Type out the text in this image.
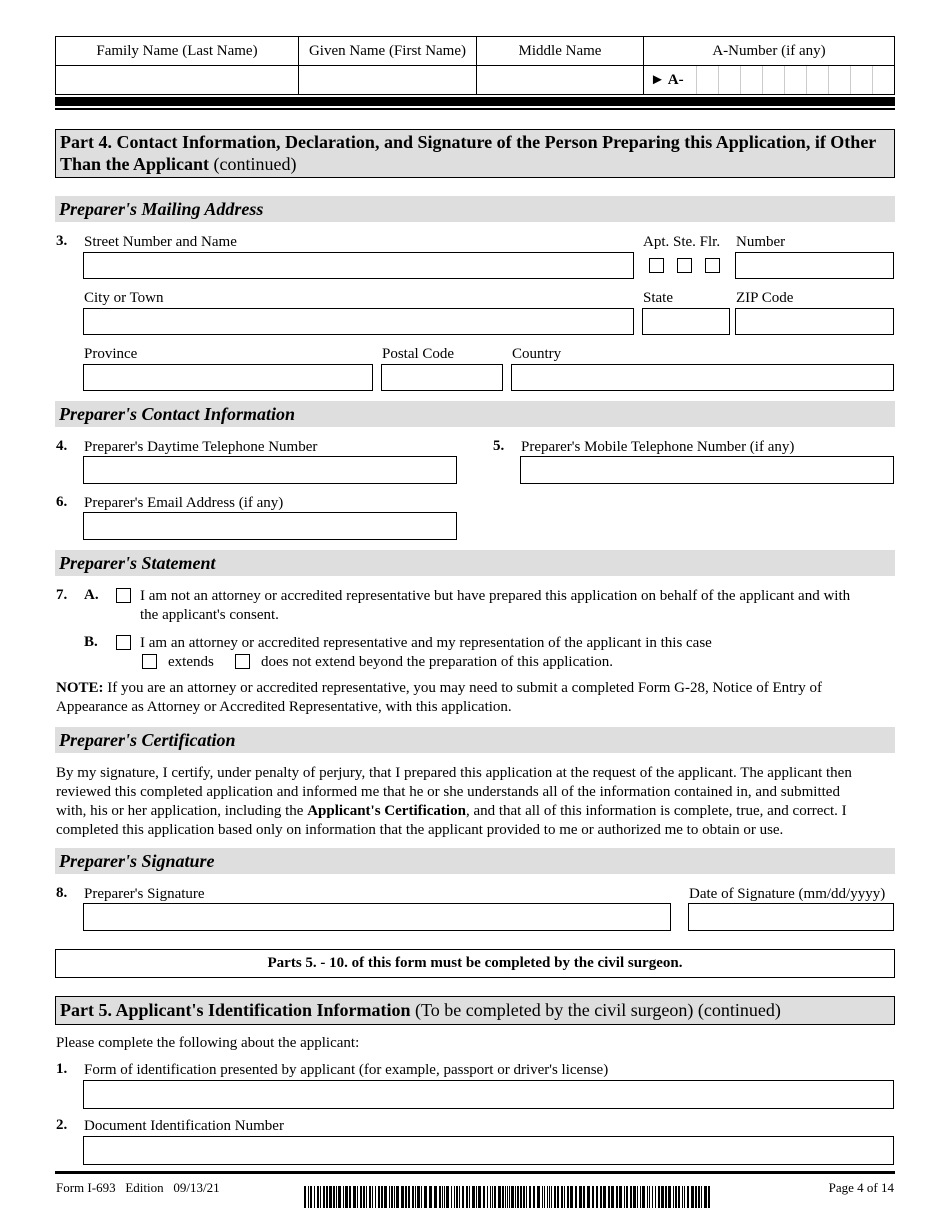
Family Name (Last Name)	Given Name (First Name)	Middle Name	A-Number (if any)

			► A-
Part 4. Contact Information, Declaration, and Signature of the Person Preparing this Application, if Other Than the Applicant (continued)
Preparer's Mailing Address
3. Street Number and Name	Apt. Ste. Flr. Number
City or Town	State	ZIP Code
Province	Postal Code	Country
Preparer's Contact Information
4. Preparer's Daytime Telephone Number	5. Preparer's Mobile Telephone Number (if any)
6. Preparer's Email Address (if any)
Preparer's Statement
7. A.	I am not an attorney or accredited representative but have prepared this application on behalf of the applicant and with
the applicant's consent.
B.	I am an attorney or accredited representative and my representation of the applicant in this case
extends	does not extend beyond the preparation of this application.
NOTE: If you are an attorney or accredited representative, you may need to submit a completed Form G-28, Notice of Entry of
Appearance as Attorney or Accredited Representative, with this application.
Preparer's Certification
By my signature, I certify, under penalty of perjury, that I prepared this application at the request of the applicant. The applicant then
reviewed this completed application and informed me that he or she understands all of the information contained in, and submitted
with, his or her application, including the Applicant's Certification, and that all of this information is complete, true, and correct. I
completed this application based only on information that the applicant provided to me or authorized me to obtain or use.
Preparer's Signature
8. Preparer's Signature	Date of Signature (mm/dd/yyyy)
Parts 5. - 10. of this form must be completed by the civil surgeon.
Part 5. Applicant's Identification Information (To be completed by the civil surgeon) (continued)
Please complete the following about the applicant:
1. Form of identification presented by applicant (for example, passport or driver's license)
2. Document Identification Number
Form I-693   Edition   09/13/21	Page 4 of 14
